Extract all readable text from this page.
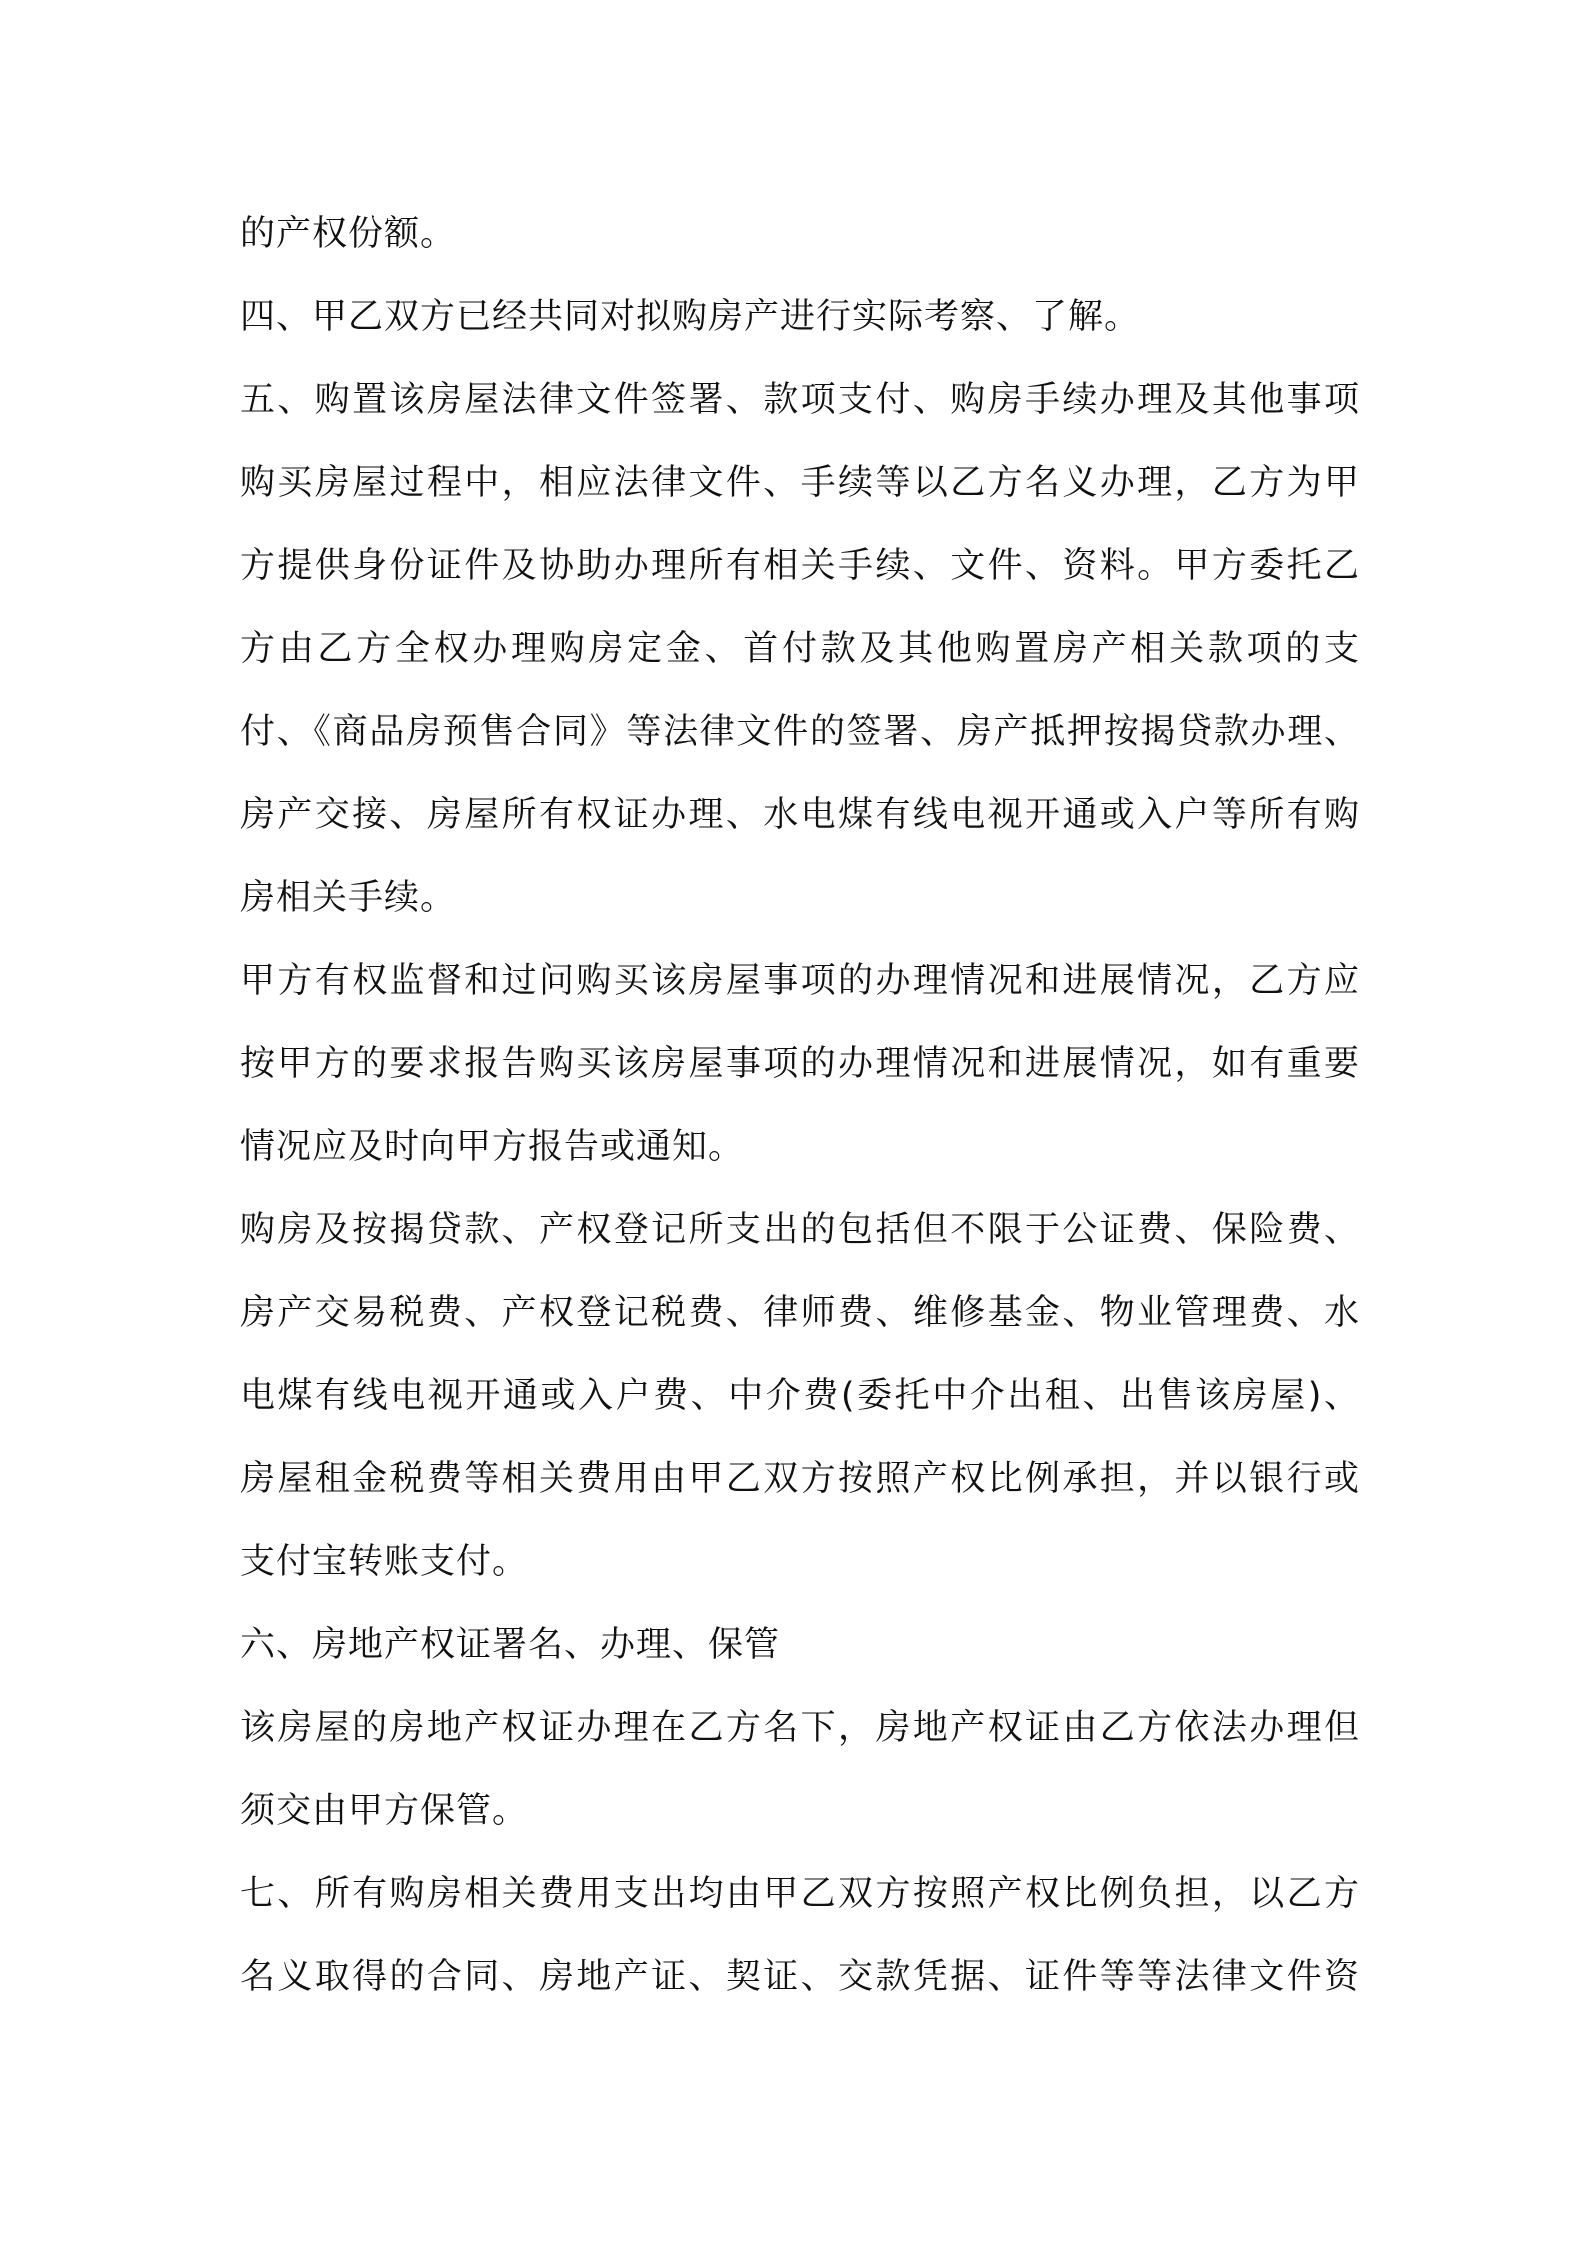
的产权份额。
四、甲乙双方已经共同对拟购房产进行实际考察、了解。
五、购置该房屋法律文件签署、款项支付、购房手续办理及其他事项
购买房屋过程中，相应法律文件、手续等以乙方名义办理，乙方为甲
方提供身份证件及协助办理所有相关手续、文件、资料。甲方委托乙
方由乙方全权办理购房定金、首付款及其他购置房产相关款项的支
付、《商品房预售合同》等法律文件的签署、房产抵押按揭贷款办理、
房产交接、房屋所有权证办理、水电煤有线电视开通或入户等所有购
房相关手续。
甲方有权监督和过问购买该房屋事项的办理情况和进展情况，乙方应
按甲方的要求报告购买该房屋事项的办理情况和进展情况，如有重要
情况应及时向甲方报告或通知。
购房及按揭贷款、产权登记所支出的包括但不限于公证费、保险费、
房产交易税费、产权登记税费、律师费、维修基金、物业管理费、水
电煤有线电视开通或入户费、中介费(委托中介出租、出售该房屋)、
房屋租金税费等相关费用由甲乙双方按照产权比例承担，并以银行或
支付宝转账支付。
六、房地产权证署名、办理、保管
该房屋的房地产权证办理在乙方名下，房地产权证由乙方依法办理但
须交由甲方保管。
七、所有购房相关费用支出均由甲乙双方按照产权比例负担，以乙方
名义取得的合同、房地产证、契证、交款凭据、证件等等法律文件资
